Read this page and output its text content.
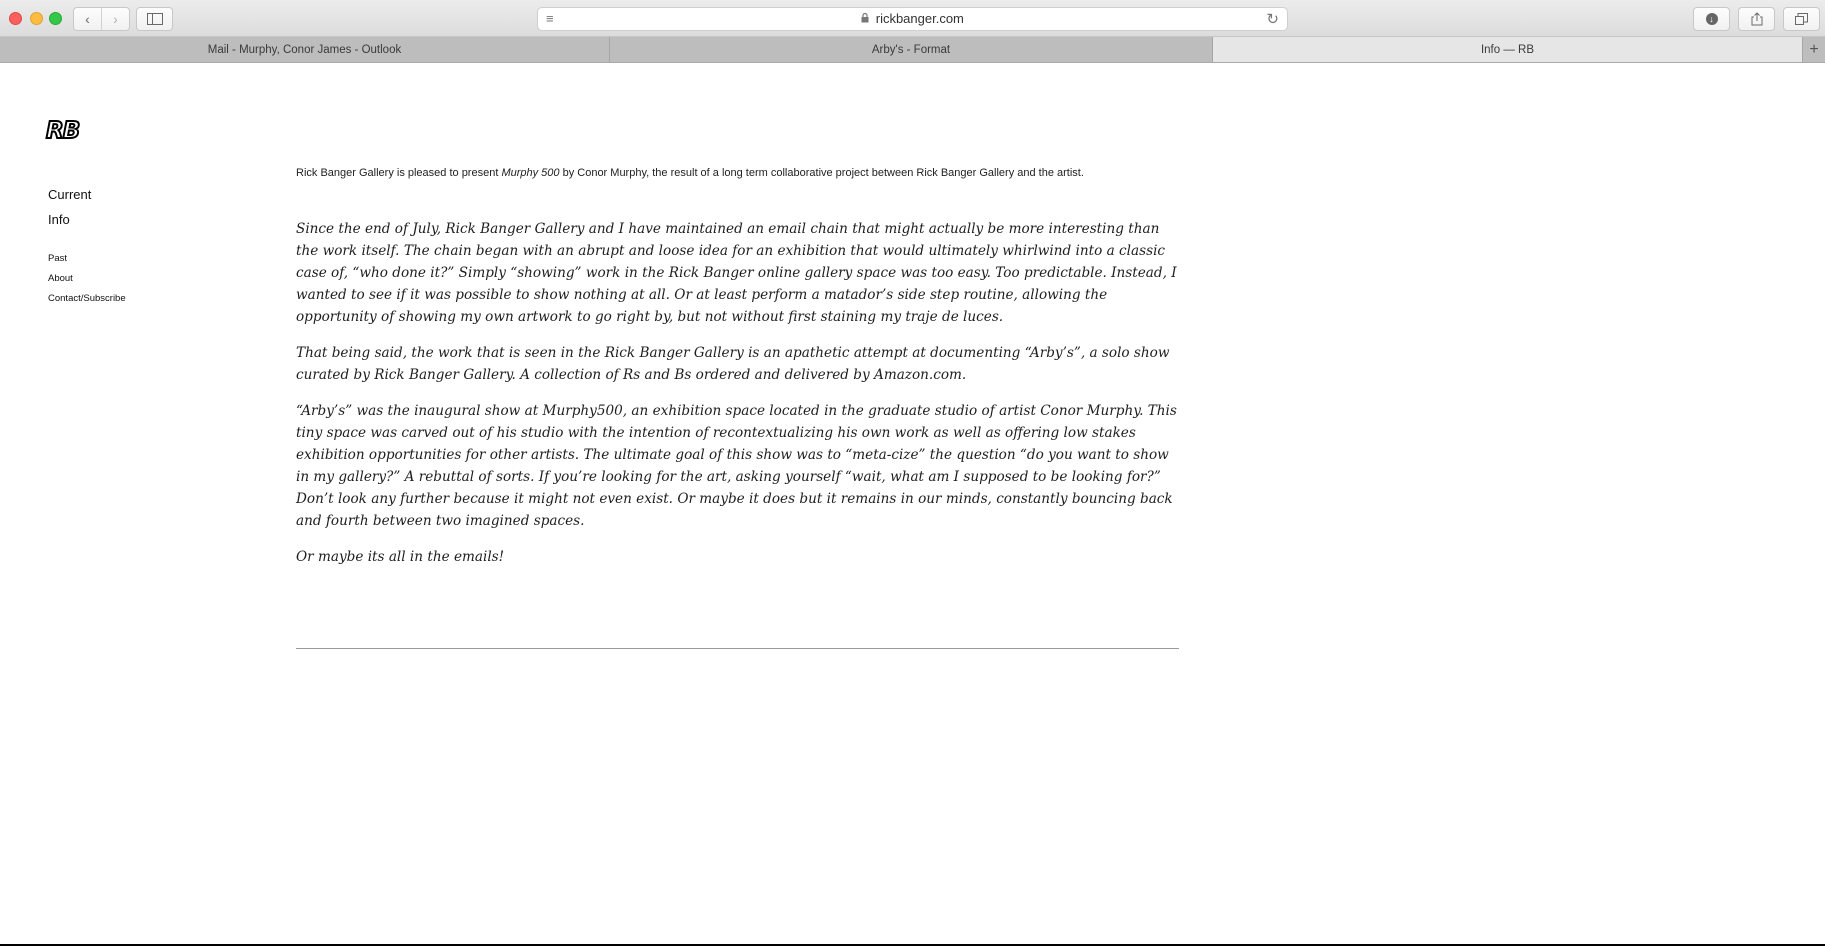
‹ ›	≡	rickbanger.com	↻	↓
Mail - Murphy, Conor James - Outlook	Arby's - Format	Info — RB	+
RB
Current
Info
Past
About
Contact/Subscribe

Rick Banger Gallery is pleased to present Murphy 500 by Conor Murphy, the result of a long term collaborative project between Rick Banger Gallery and the artist.

Since the end of July, Rick Banger Gallery and I have maintained an email chain that might actually be more interesting than the work itself. The chain began with an abrupt and loose idea for an exhibition that would ultimately whirlwind into a classic case of, “who done it?” Simply “showing” work in the Rick Banger online gallery space was too easy. Too predictable. Instead, I wanted to see if it was possible to show nothing at all. Or at least perform a matador’s side step routine, allowing the opportunity of showing my own artwork to go right by, but not without first staining my traje de luces.

That being said, the work that is seen in the Rick Banger Gallery is an apathetic attempt at documenting “Arby’s”, a solo show curated by Rick Banger Gallery. A collection of Rs and Bs ordered and delivered by Amazon.com.

“Arby’s” was the inaugural show at Murphy500, an exhibition space located in the graduate studio of artist Conor Murphy. This tiny space was carved out of his studio with the intention of recontextualizing his own work as well as offering low stakes exhibition opportunities for other artists. The ultimate goal of this show was to “meta-cize” the question “do you want to show in my gallery?” A rebuttal of sorts. If you’re looking for the art, asking yourself “wait, what am I supposed to be looking for?” Don’t look any further because it might not even exist. Or maybe it does but it remains in our minds, constantly bouncing back and fourth between two imagined spaces.

Or maybe its all in the emails!
